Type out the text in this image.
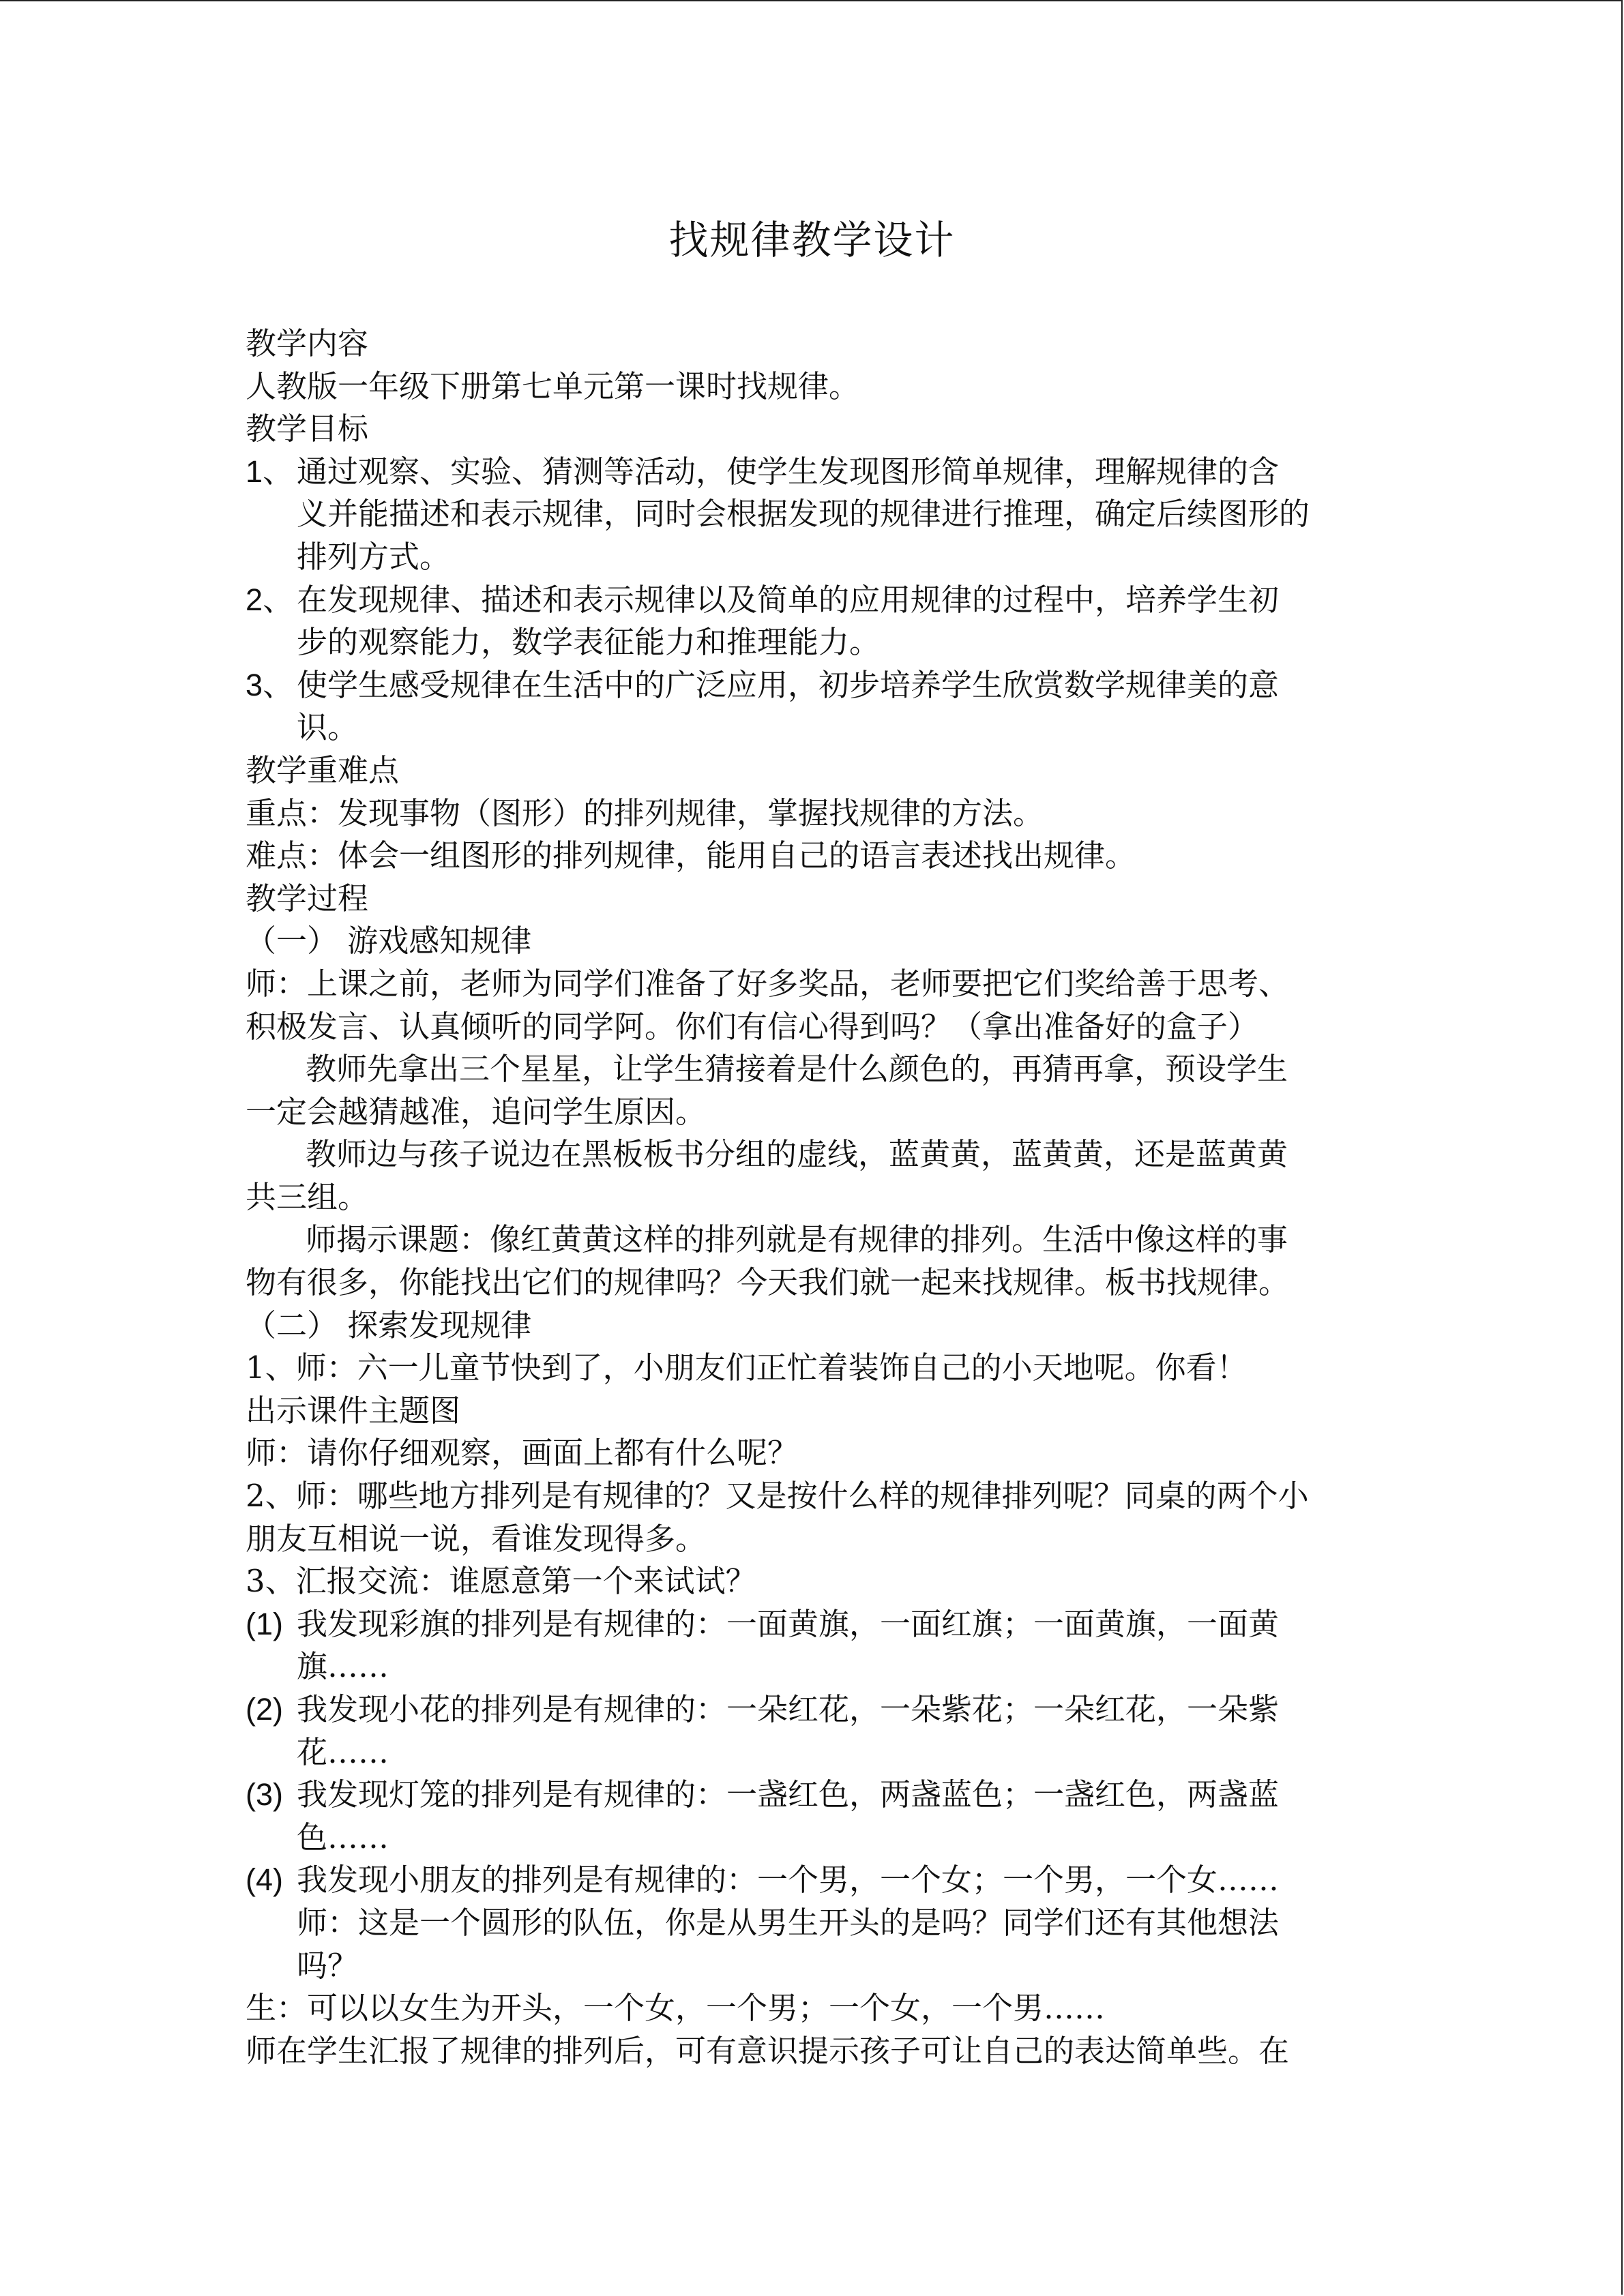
找规律教学设计
教学内容
人教版一年级下册第七单元第一课时找规律。
教学目标
1、 通过观察、实验、猜测等活动，使学生发现图形简单规律，理解规律的含
义并能描述和表示规律，同时会根据发现的规律进行推理，确定后续图形的
排列方式。
2、 在发现规律、描述和表示规律以及简单的应用规律的过程中，培养学生初
步的观察能力，数学表征能力和推理能力。
3、 使学生感受规律在生活中的广泛应用，初步培养学生欣赏数学规律美的意
识。
教学重难点
重点：发现事物（图形）的排列规律，掌握找规律的方法。
难点：体会一组图形的排列规律，能用自己的语言表述找出规律。
教学过程
（一） 游戏感知规律
师：上课之前，老师为同学们准备了好多奖品，老师要把它们奖给善于思考、
积极发言、认真倾听的同学阿。你们有信心得到吗？（拿出准备好的盒子）
教师先拿出三个星星，让学生猜接着是什么颜色的，再猜再拿，预设学生
一定会越猜越准，追问学生原因。
教师边与孩子说边在黑板板书分组的虚线，蓝黄黄，蓝黄黄，还是蓝黄黄
共三组。
师揭示课题：像红黄黄这样的排列就是有规律的排列。生活中像这样的事
物有很多，你能找出它们的规律吗？今天我们就一起来找规律。板书找规律。
（二） 探索发现规律
1、师：六一儿童节快到了，小朋友们正忙着装饰自己的小天地呢。你看！
出示课件主题图
师：请你仔细观察，画面上都有什么呢？
2、师：哪些地方排列是有规律的？又是按什么样的规律排列呢？同桌的两个小
朋友互相说一说，看谁发现得多。
3、汇报交流：谁愿意第一个来试试？
(1) 我发现彩旗的排列是有规律的：一面黄旗，一面红旗；一面黄旗，一面黄
旗……
(2) 我发现小花的排列是有规律的：一朵红花，一朵紫花；一朵红花，一朵紫
花……
(3) 我发现灯笼的排列是有规律的：一盏红色，两盏蓝色；一盏红色，两盏蓝
色……
(4) 我发现小朋友的排列是有规律的：一个男，一个女；一个男，一个女……
师：这是一个圆形的队伍，你是从男生开头的是吗？同学们还有其他想法
吗？
生：可以以女生为开头，一个女，一个男；一个女，一个男……
师在学生汇报了规律的排列后，可有意识提示孩子可让自己的表达简单些。在
